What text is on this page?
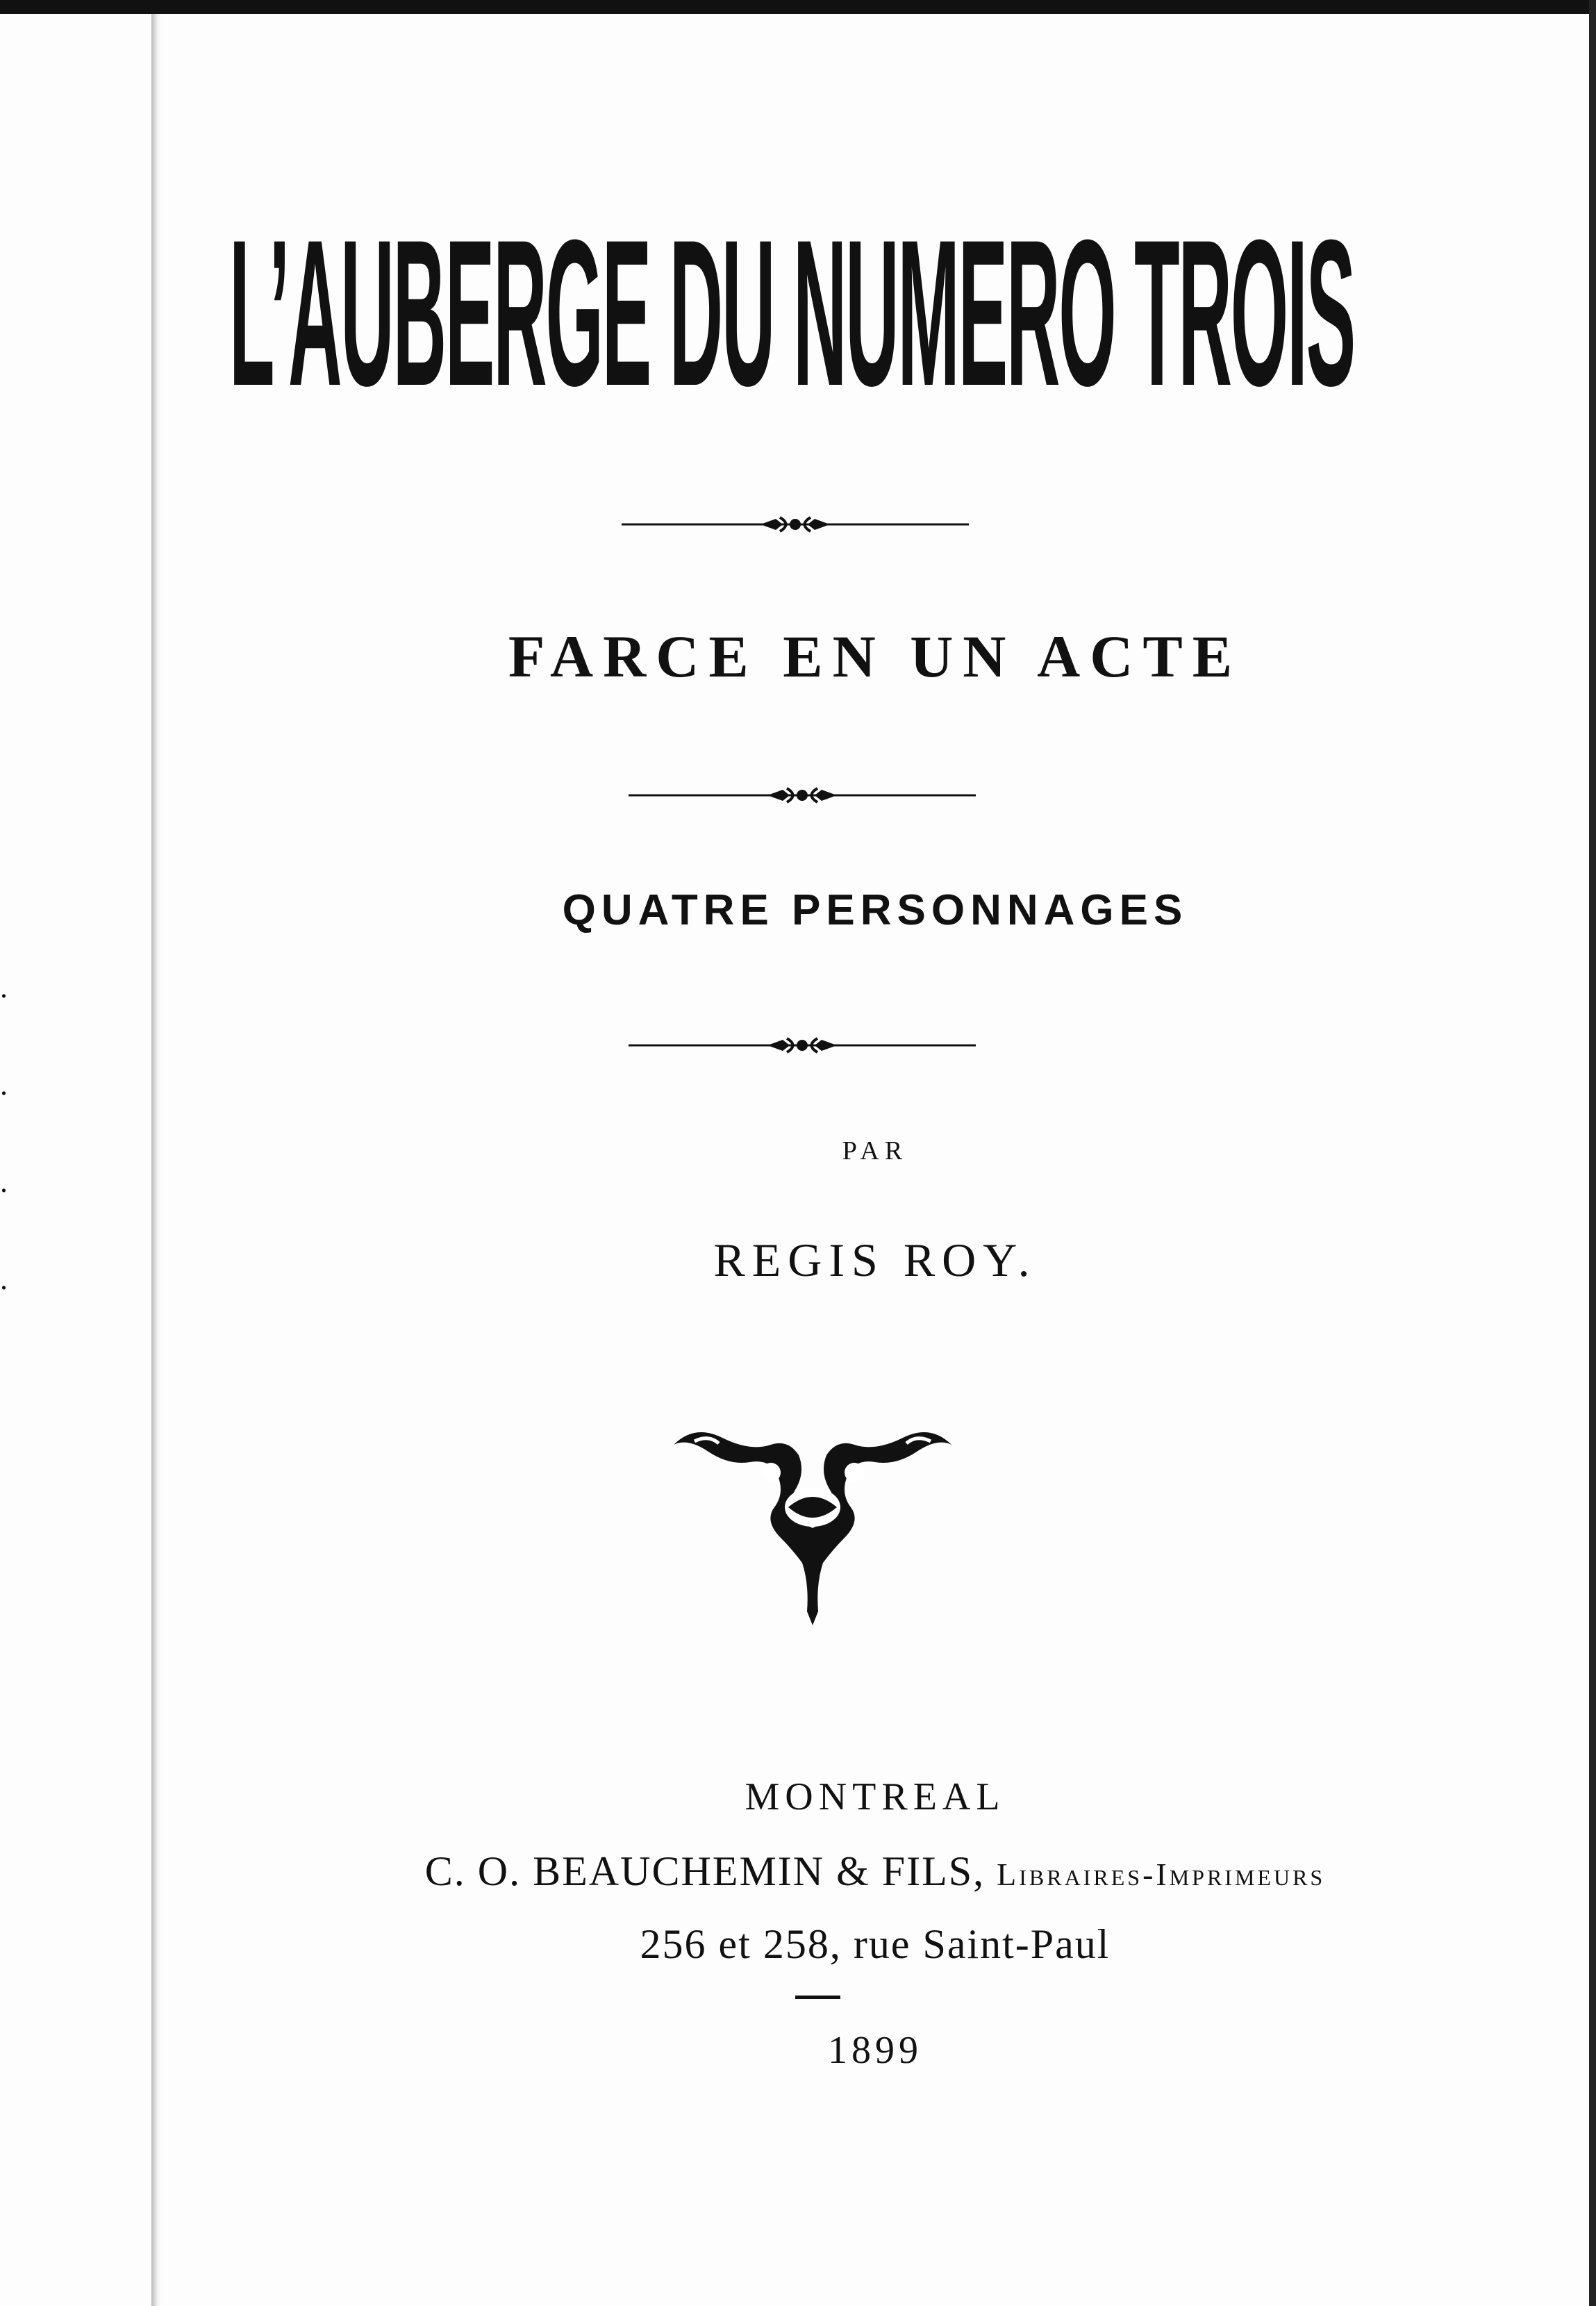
.
.
.
.
L’AUBERGE DU NUMERO TROIS
FARCE EN UN ACTE
QUATRE PERSONNAGES
PAR
REGIS ROY.
MONTREAL
C. O. BEAUCHEMIN & FILS, Libraires-Imprimeurs
256 et 258, rue Saint-Paul
1899
